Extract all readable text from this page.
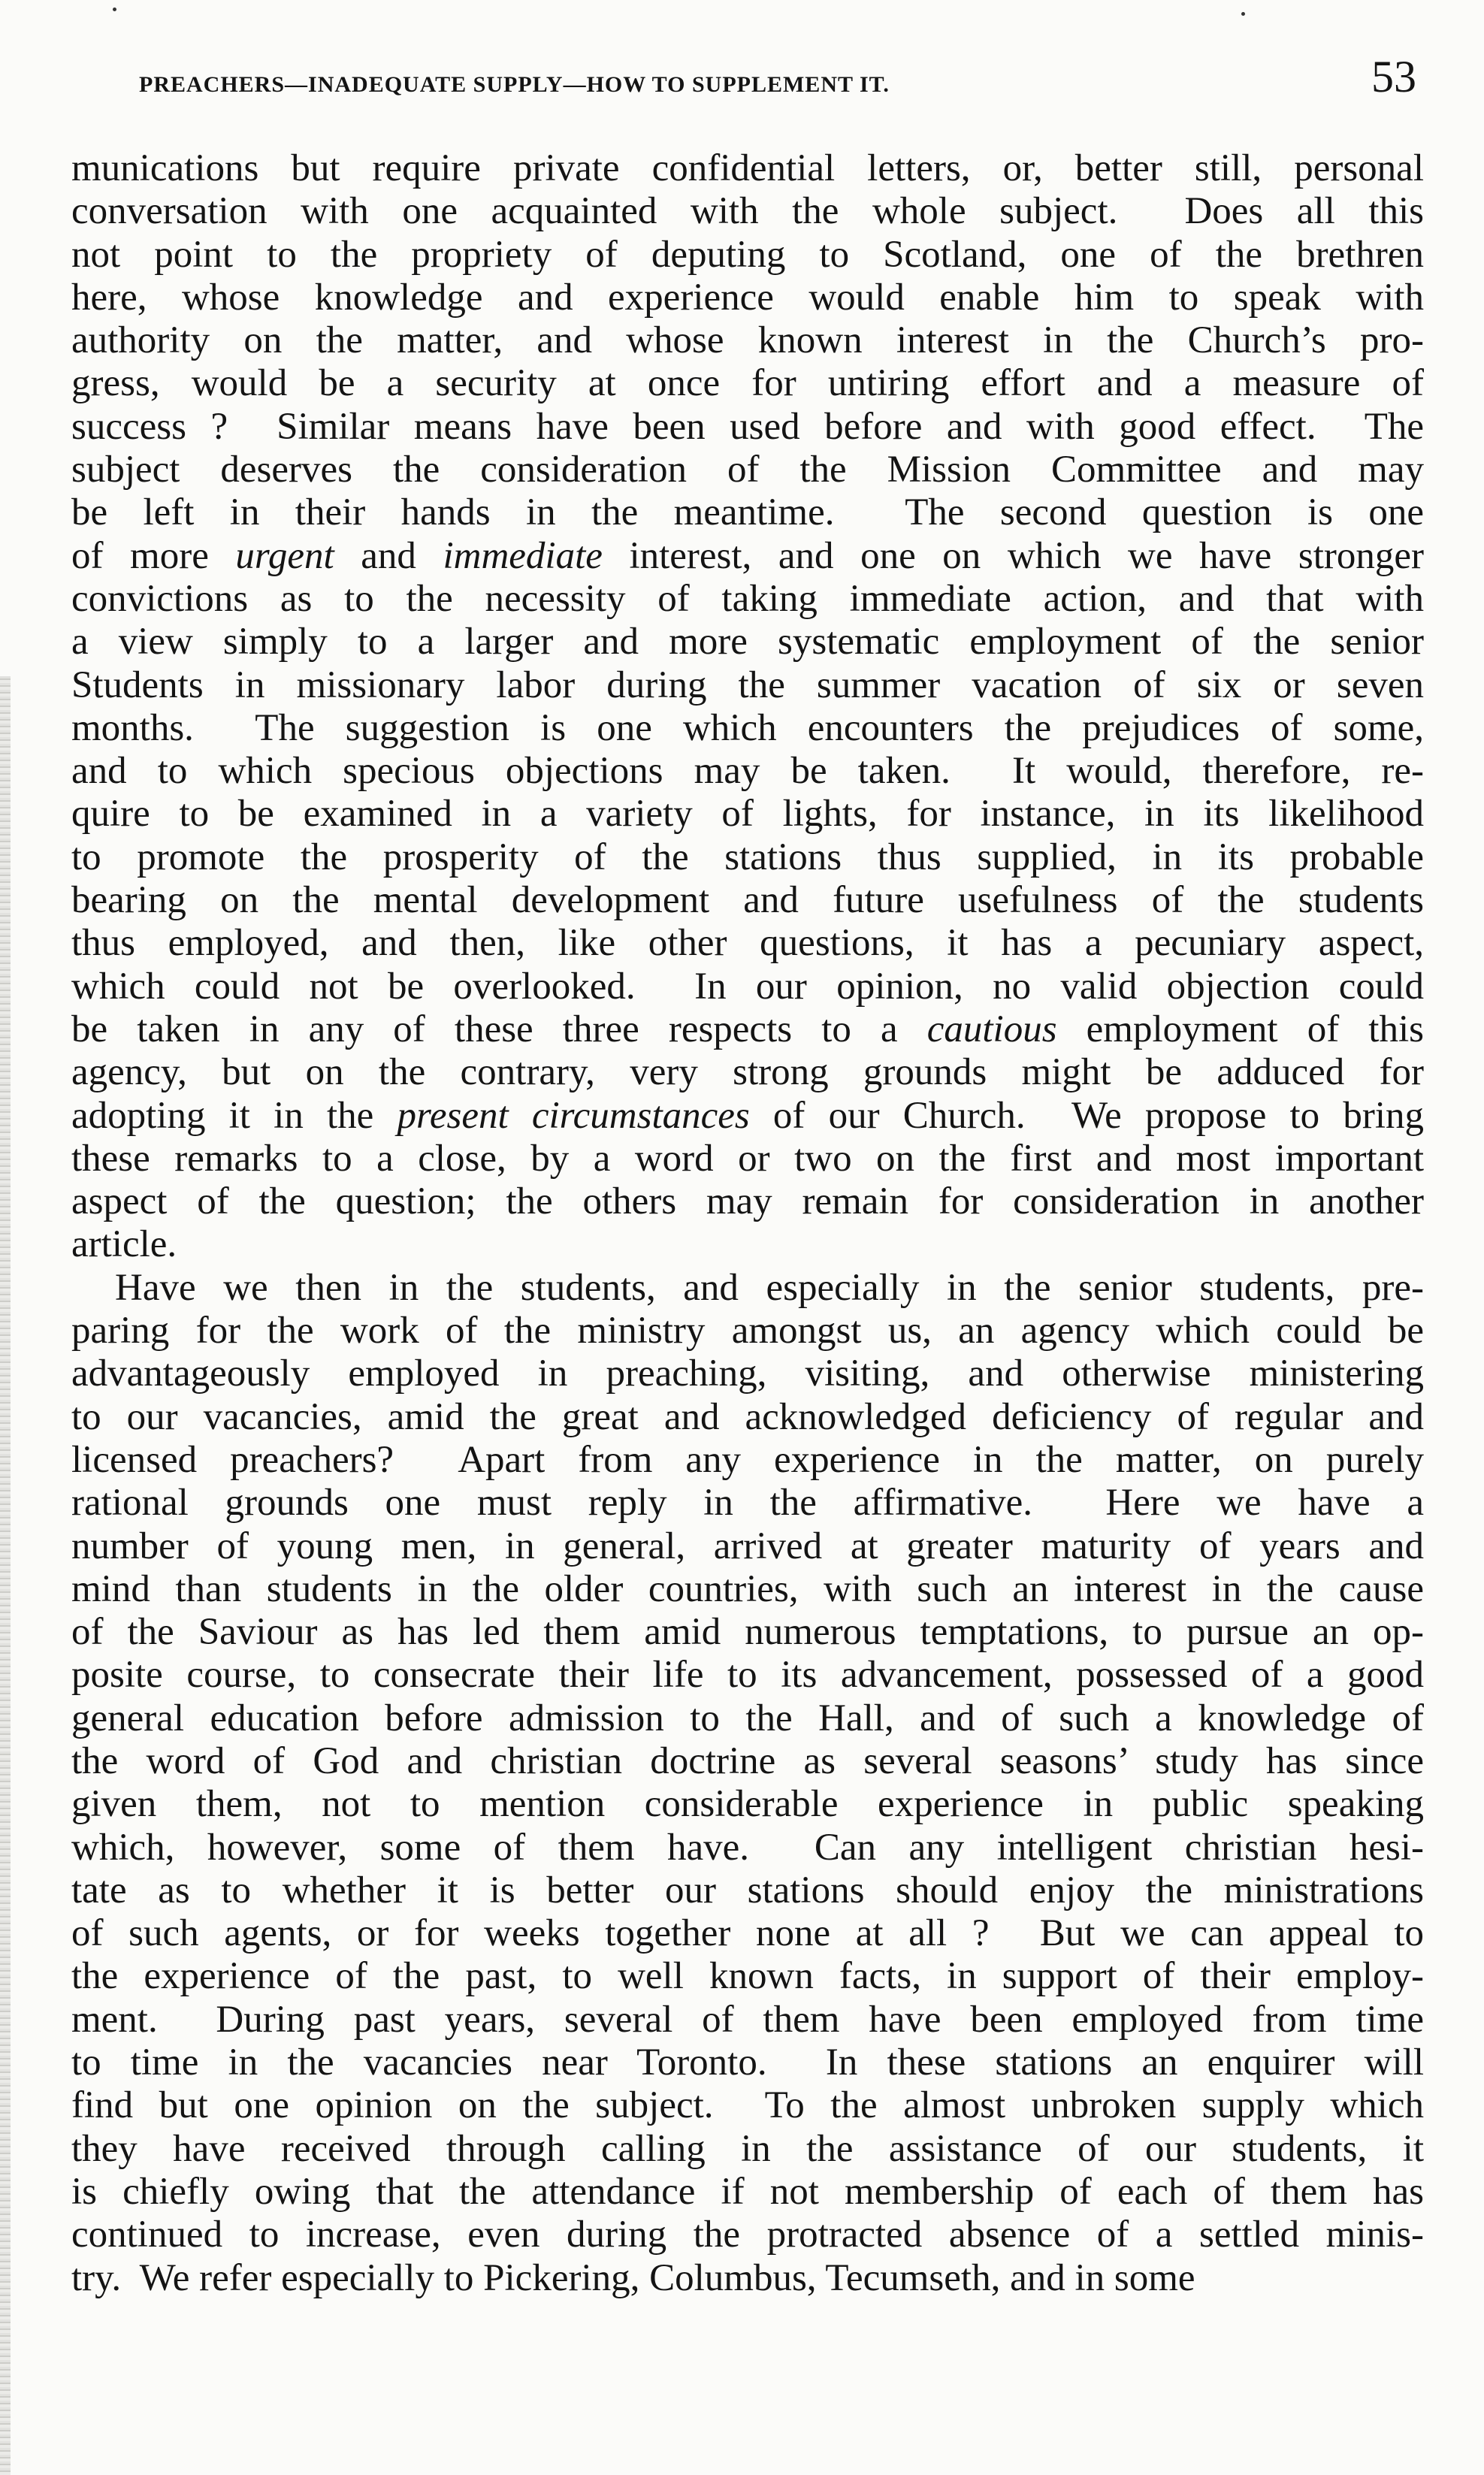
PREACHERS—INADEQUATE SUPPLY—HOW TO SUPPLEMENT IT.	53
munications but require private confidential letters, or, better still, personal
conversation with one acquainted with the whole subject.  Does all this
not point to the propriety of deputing to Scotland, one of the brethren
here, whose knowledge and experience would enable him to speak with
authority on the matter, and whose known interest in the Church’s pro-
gress, would be a security at once for untiring effort and a measure of
success ?  Similar means have been used before and with good effect.  The
subject deserves the consideration of the Mission Committee and may
be left in their hands in the meantime.  The second question is one
of more urgent and immediate interest, and one on which we have stronger
convictions as to the necessity of taking immediate action, and that with
a view simply to a larger and more systematic employment of the senior
Students in missionary labor during the summer vacation of six or seven
months.  The suggestion is one which encounters the prejudices of some,
and to which specious objections may be taken.  It would, therefore, re-
quire to be examined in a variety of lights, for instance, in its likelihood
to promote the prosperity of the stations thus supplied, in its probable
bearing on the mental development and future usefulness of the students
thus employed, and then, like other questions, it has a pecuniary aspect,
which could not be overlooked.  In our opinion, no valid objection could
be taken in any of these three respects to a cautious employment of this
agency, but on the contrary, very strong grounds might be adduced for
adopting it in the present circumstances of our Church.  We propose to bring
these remarks to a close, by a word or two on the first and most important
aspect of the question; the others may remain for consideration in another
article.
Have we then in the students, and especially in the senior students, pre-
paring for the work of the ministry amongst us, an agency which could be
advantageously employed in preaching, visiting, and otherwise ministering
to our vacancies, amid the great and acknowledged deficiency of regular and
licensed preachers?  Apart from any experience in the matter, on purely
rational grounds one must reply in the affirmative.  Here we have a
number of young men, in general, arrived at greater maturity of years and
mind than students in the older countries, with such an interest in the cause
of the Saviour as has led them amid numerous temptations, to pursue an op-
posite course, to consecrate their life to its advancement, possessed of a good
general education before admission to the Hall, and of such a knowledge of
the word of God and christian doctrine as several seasons’ study has since
given them, not to mention considerable experience in public speaking
which, however, some of them have.  Can any intelligent christian hesi-
tate as to whether it is better our stations should enjoy the ministrations
of such agents, or for weeks together none at all ?  But we can appeal to
the experience of the past, to well known facts, in support of their employ-
ment.  During past years, several of them have been employed from time
to time in the vacancies near Toronto.  In these stations an enquirer will
find but one opinion on the subject.  To the almost unbroken supply which
they have received through calling in the assistance of our students, it
is chiefly owing that the attendance if not membership of each of them has
continued to increase, even during the protracted absence of a settled minis-
try.  We refer especially to Pickering, Columbus, Tecumseth, and in some
